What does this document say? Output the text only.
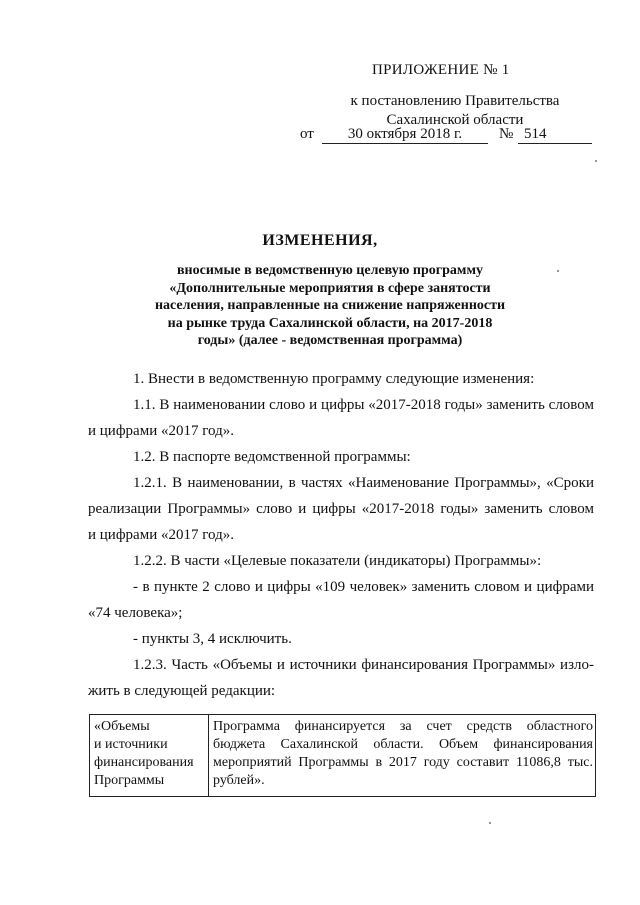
ПРИЛОЖЕНИЕ № 1
к постановлению Правительства
Сахалинской области
от	30 октября 2018 г.	№ 514
ИЗМЕНЕНИЯ,
вносимые в ведомственную целевую программу
«Дополнительные мероприятия в сфере занятости
населения, направленные на снижение напряженности
на рынке труда Сахалинской области, на 2017-2018
годы» (далее - ведомственная программа)
1. Внести в ведомственную программу следующие изменения:
1.1. В наименовании слово и цифры «2017-2018 годы» заменить словом
и цифрами «2017 год».
1.2. В паспорте ведомственной программы:
1.2.1. В наименовании, в частях «Наименование Программы», «Сроки
реализации Программы» слово и цифры «2017-2018 годы» заменить словом
и цифрами «2017 год».
1.2.2. В части «Целевые показатели (индикаторы) Программы»:
- в пункте 2 слово и цифры «109 человек» заменить словом и цифрами
«74 человека»;
- пункты 3, 4 исключить.
1.2.3. Часть «Объемы и источники финансирования Программы» изло-
жить в следующей редакции:
«Объемы
и источники
финансирования
Программы
Программа финансируется за счет средств областного
бюджета Сахалинской области. Объем финансирования
мероприятий Программы в 2017 году составит 11086,8 тыс.
рублей».
